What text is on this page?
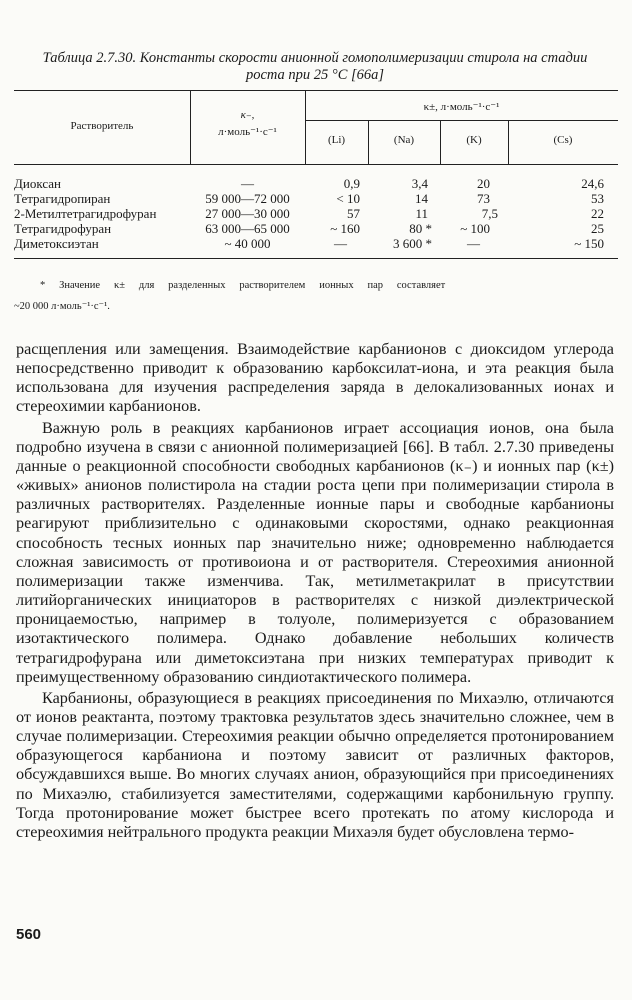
Таблица 2.7.30. Константы скорости анионной гомополимеризации стирола на стадии роста при 25 °С [66а]
Растворитель
κ₋,
л·моль⁻¹·с⁻¹
κ±, л·моль⁻¹·с⁻¹
(Li)	(Na)	(K)	(Cs)
Диоксан	—	0,9	3,4	20	24,6
Тетрагидропиран	59 000—72 000	< 10	14	73	53
2-Метилтетрагидрофуран	27 000—30 000	57	11	7,5	22
Тетрагидрофуран	63 000—65 000	~ 160	80 *	~ 100	25
Диметоксиэтан	~ 40 000	—	3 600 *	—	~ 150
*   Значение   κ±   для   разделенных   растворителем   ионных   пар   составляет
~20 000 л·моль⁻¹·с⁻¹.

расщепления или замещения. Взаимодействие карбанионов с диоксидом углерода непосредственно приводит к образованию карбоксилат-иона, и эта реакция была использована для изучения распределения заряда в делокализованных ионах и стереохимии карбанионов.

Важную роль в реакциях карбанионов играет ассоциация ионов, она была подробно изучена в связи с анионной полимеризацией [66]. В табл. 2.7.30 приведены данные о реакционной способности свободных карбанионов (κ₋) и ионных пар (κ±) «живых» анионов полистирола на стадии роста цепи при полимеризации стирола в различных растворителях. Разделенные ионные пары и свободные карбанионы реагируют приблизительно с одинаковыми скоростями, однако реакционная способность тесных ионных пар значительно ниже; одновременно наблюдается сложная зависимость от противоиона и от растворителя. Стереохимия анионной полимеризации также изменчива. Так, метилметакрилат в присутствии литийорганических инициаторов в растворителях с низкой диэлектрической проницаемостью, например в толуоле, полимеризуется с образованием изотактического полимера. Однако добавление небольших количеств тетрагидрофурана или диметоксиэтана при низких температурах приводит к преимущественному образованию синдиотактического полимера.

Карбанионы, образующиеся в реакциях присоединения по Михаэлю, отличаются от ионов реактанта, поэтому трактовка результатов здесь значительно сложнее, чем в случае полимеризации. Стереохимия реакции обычно определяется протонированием образующегося карбаниона и поэтому зависит от различных факторов, обсуждавшихся выше. Во многих случаях анион, образующийся при присоединениях по Михаэлю, стабилизуется заместителями, содержащими карбонильную группу. Тогда протонирование может быстрее всего протекать по атому кислорода и стереохимия нейтрального продукта реакции Михаэля будет обусловлена термо-

560
